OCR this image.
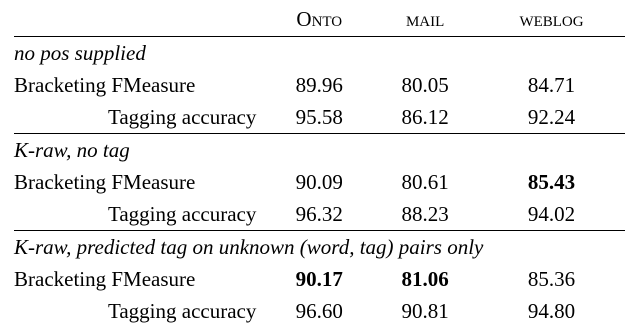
	Onto	mail	weblog
no pos supplied			
Bracketing FMeasure	89.96	80.05	84.71
Tagging accuracy	95.58	86.12	92.24
K-raw, no tag			
Bracketing FMeasure	90.09	80.61	85.43
Tagging accuracy	96.32	88.23	94.02
K-raw, predicted tag on unknown (word, tag) pairs only			
Bracketing FMeasure	90.17	81.06	85.36
Tagging accuracy	96.60	90.81	94.80
